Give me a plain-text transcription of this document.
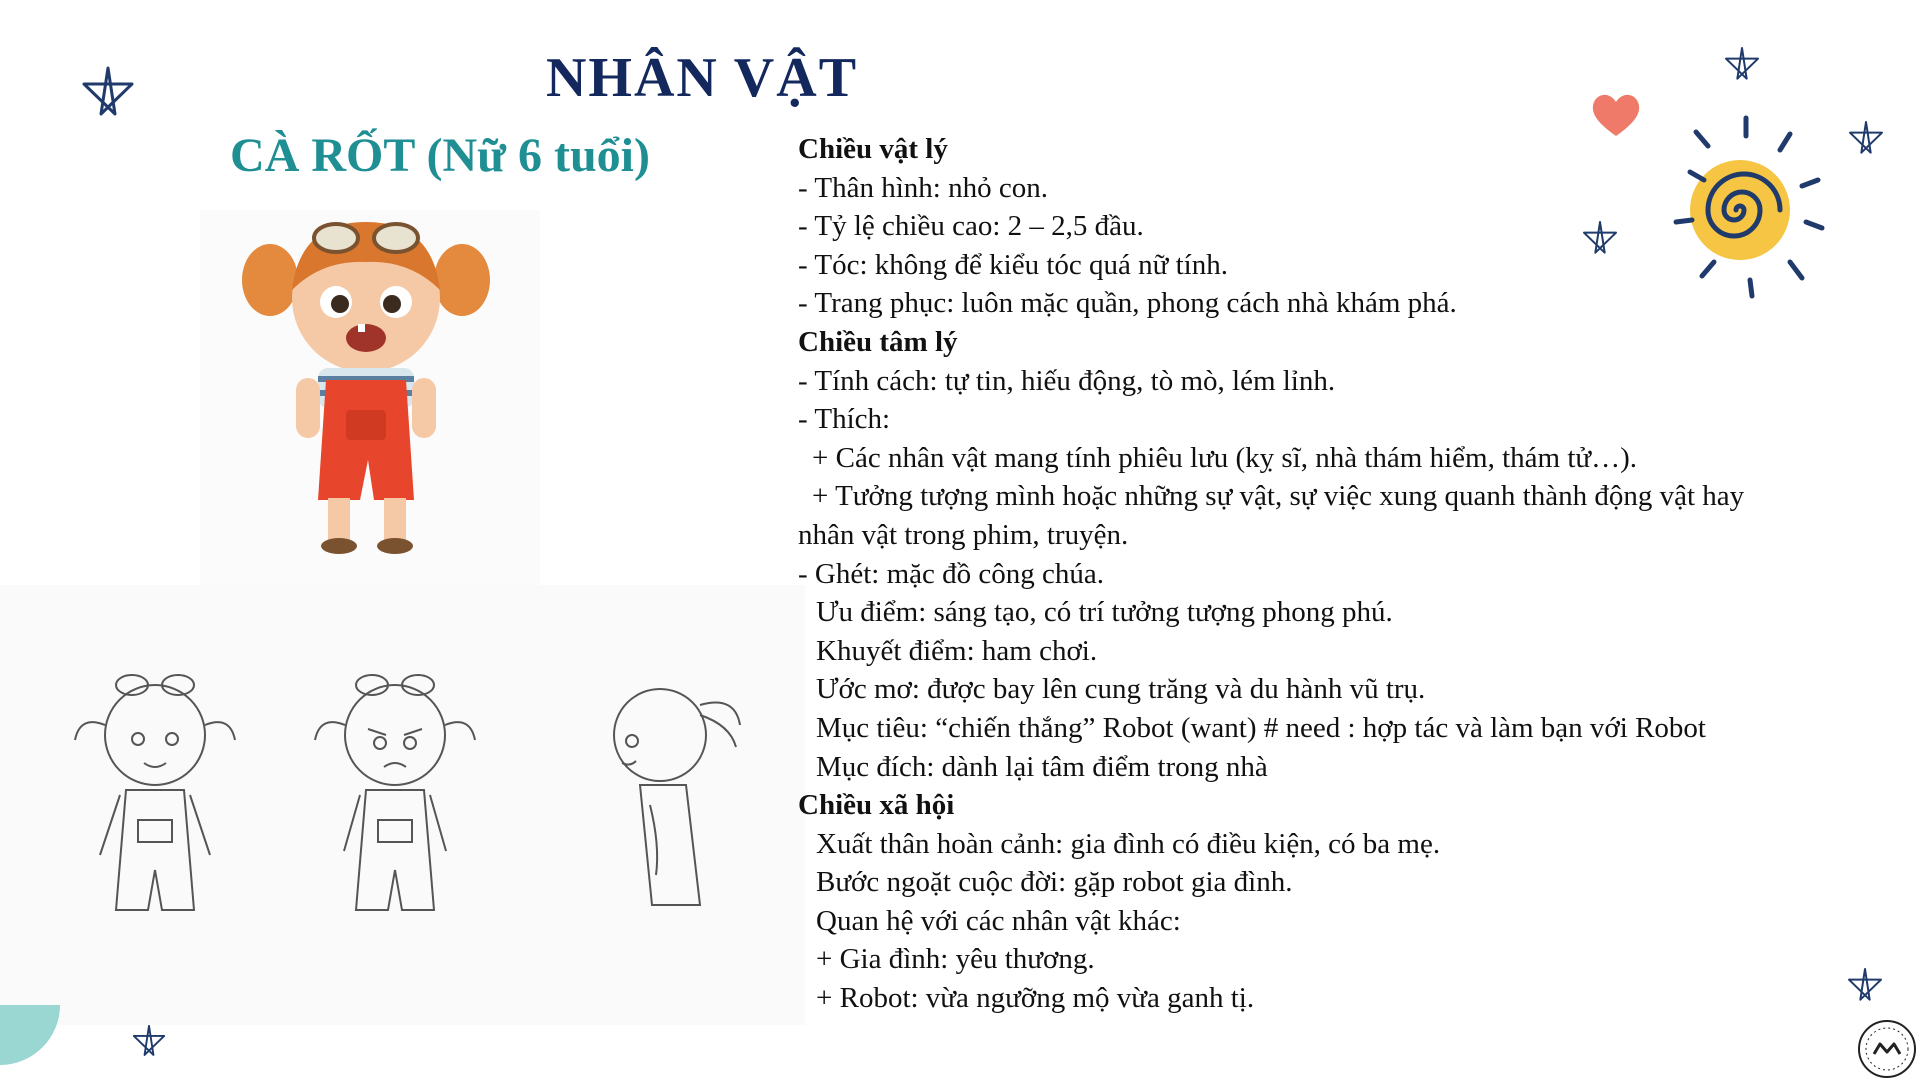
NHÂN VẬT
CÀ RỐT (Nữ 6 tuổi)	Chiều vật lý
- Thân hình: nhỏ con.
- Tỷ lệ chiều cao: 2 – 2,5 đầu.
- Tóc: không để kiểu tóc quá nữ tính.
- Trang phục: luôn mặc quần, phong cách nhà khám phá.
Chiều tâm lý
- Tính cách: tự tin, hiếu động, tò mò, lém lỉnh.
- Thích:
+ Các nhân vật mang tính phiêu lưu (kỵ sĩ, nhà thám hiểm, thám tử…).
+ Tưởng tượng mình hoặc những sự vật, sự việc xung quanh thành động vật hay
nhân vật trong phim, truyện.
- Ghét: mặc đồ công chúa.
Ưu điểm: sáng tạo, có trí tưởng tượng phong phú.
Khuyết điểm: ham chơi.
Ước mơ: được bay lên cung trăng và du hành vũ trụ.
Mục tiêu: “chiến thắng” Robot (want) # need : hợp tác và làm bạn với Robot
Mục đích: dành lại tâm điểm trong nhà
Chiều xã hội
Xuất thân hoàn cảnh: gia đình có điều kiện, có ba mẹ.
Bước ngoặt cuộc đời: gặp robot gia đình.
Quan hệ với các nhân vật khác:
+ Gia đình: yêu thương.
+ Robot: vừa ngưỡng mộ vừa ganh tị.
